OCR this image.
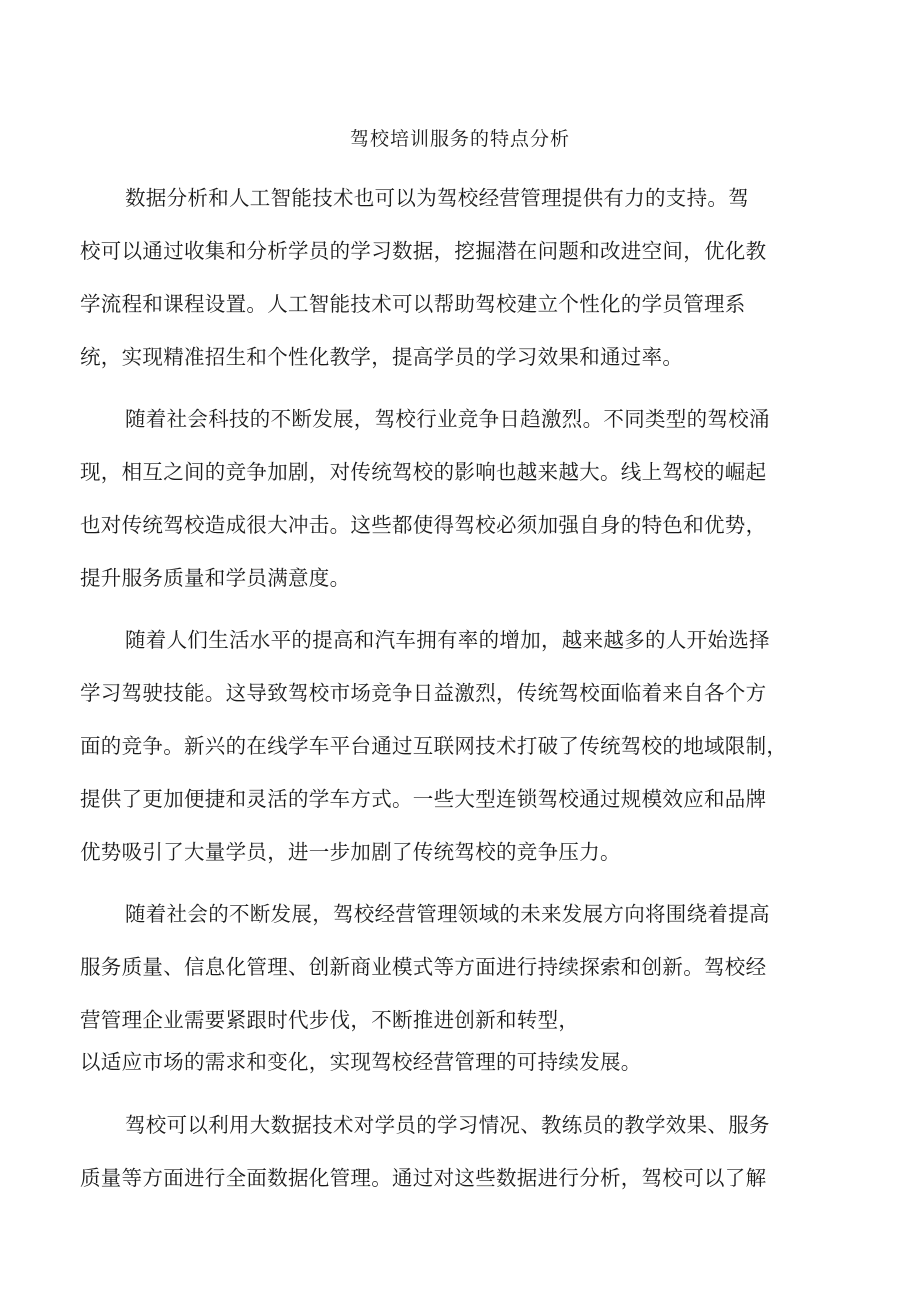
驾校培训服务的特点分析
数据分析和人工智能技术也可以为驾校经营管理提供有力的支持。驾
校可以通过收集和分析学员的学习数据，挖掘潜在问题和改进空间，优化教
学流程和课程设置。人工智能技术可以帮助驾校建立个性化的学员管理系
统，实现精准招生和个性化教学，提高学员的学习效果和通过率。
随着社会科技的不断发展，驾校行业竞争日趋激烈。不同类型的驾校涌
现，相互之间的竞争加剧，对传统驾校的影响也越来越大。线上驾校的崛起
也对传统驾校造成很大冲击。这些都使得驾校必须加强自身的特色和优势，
提升服务质量和学员满意度。
随着人们生活水平的提高和汽车拥有率的增加，越来越多的人开始选择
学习驾驶技能。这导致驾校市场竞争日益激烈，传统驾校面临着来自各个方
面的竞争。新兴的在线学车平台通过互联网技术打破了传统驾校的地域限制，
提供了更加便捷和灵活的学车方式。一些大型连锁驾校通过规模效应和品牌
优势吸引了大量学员，进一步加剧了传统驾校的竞争压力。
随着社会的不断发展，驾校经营管理领域的未来发展方向将围绕着提高
服务质量、信息化管理、创新商业模式等方面进行持续探索和创新。驾校经
营管理企业需要紧跟时代步伐，不断推进创新和转型，
以适应市场的需求和变化，实现驾校经营管理的可持续发展。
驾校可以利用大数据技术对学员的学习情况、教练员的教学效果、服务
质量等方面进行全面数据化管理。通过对这些数据进行分析，驾校可以了解
